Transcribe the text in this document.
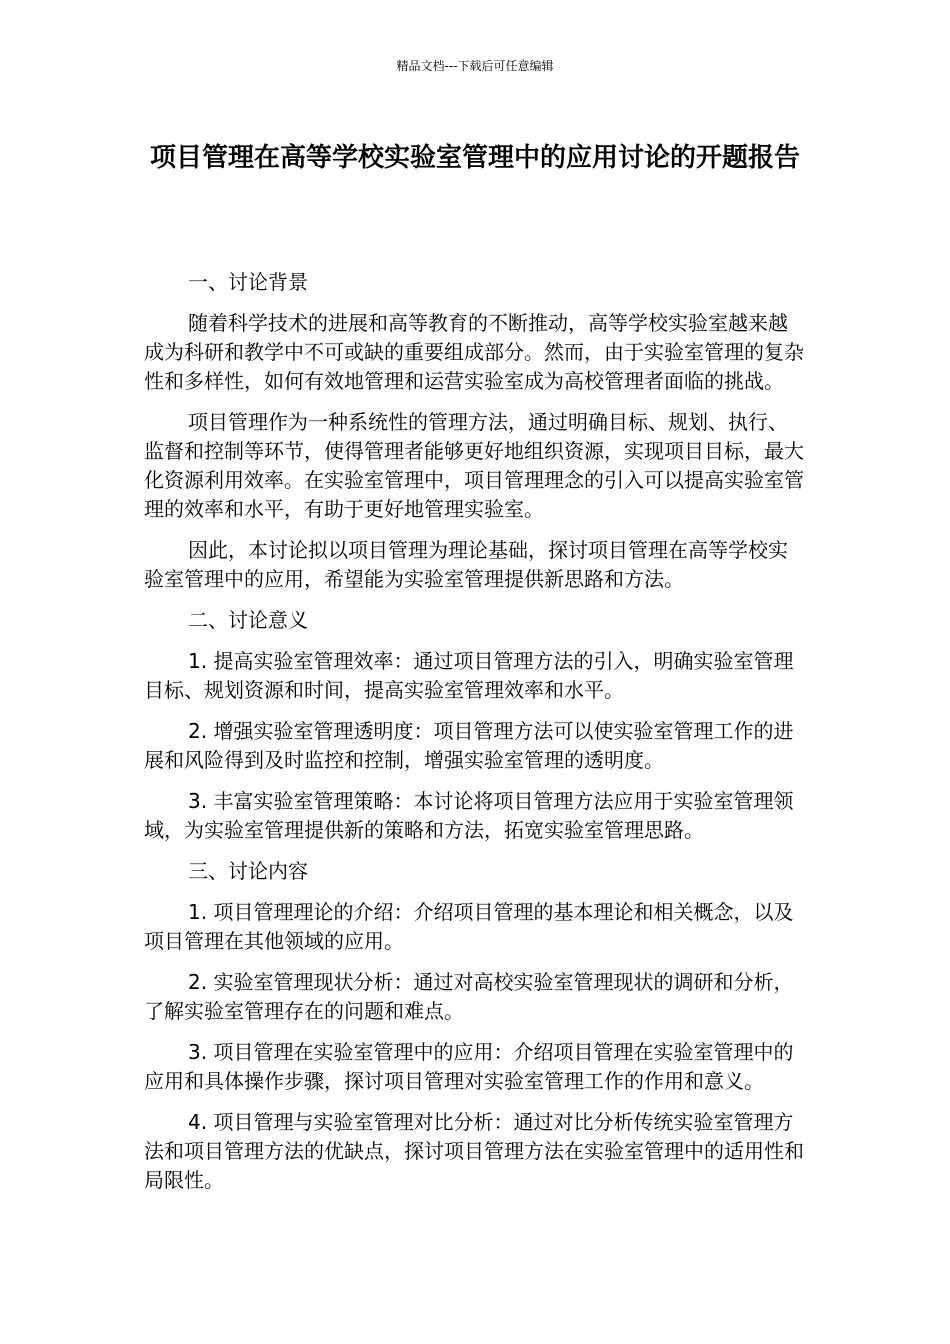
精品文档---下载后可任意编辑
项目管理在高等学校实验室管理中的应用讨论的开题报告

一、讨论背景

随着科学技术的进展和高等教育的不断推动，高等学校实验室越来越成为科研和教学中不可或缺的重要组成部分。然而，由于实验室管理的复杂性和多样性，如何有效地管理和运营实验室成为高校管理者面临的挑战。

项目管理作为一种系统性的管理方法，通过明确目标、规划、执行、监督和控制等环节，使得管理者能够更好地组织资源，实现项目目标，最大化资源利用效率。在实验室管理中，项目管理理念的引入可以提高实验室管理的效率和水平，有助于更好地管理实验室。

因此，本讨论拟以项目管理为理论基础，探讨项目管理在高等学校实验室管理中的应用，希望能为实验室管理提供新思路和方法。

二、讨论意义

1. 提高实验室管理效率：通过项目管理方法的引入，明确实验室管理目标、规划资源和时间，提高实验室管理效率和水平。

2. 增强实验室管理透明度：项目管理方法可以使实验室管理工作的进展和风险得到及时监控和控制，增强实验室管理的透明度。

3. 丰富实验室管理策略：本讨论将项目管理方法应用于实验室管理领域，为实验室管理提供新的策略和方法，拓宽实验室管理思路。

三、讨论内容

1. 项目管理理论的介绍：介绍项目管理的基本理论和相关概念，以及项目管理在其他领域的应用。

2. 实验室管理现状分析：通过对高校实验室管理现状的调研和分析，了解实验室管理存在的问题和难点。

3. 项目管理在实验室管理中的应用：介绍项目管理在实验室管理中的应用和具体操作步骤，探讨项目管理对实验室管理工作的作用和意义。

4. 项目管理与实验室管理对比分析：通过对比分析传统实验室管理方法和项目管理方法的优缺点，探讨项目管理方法在实验室管理中的适用性和局限性。
